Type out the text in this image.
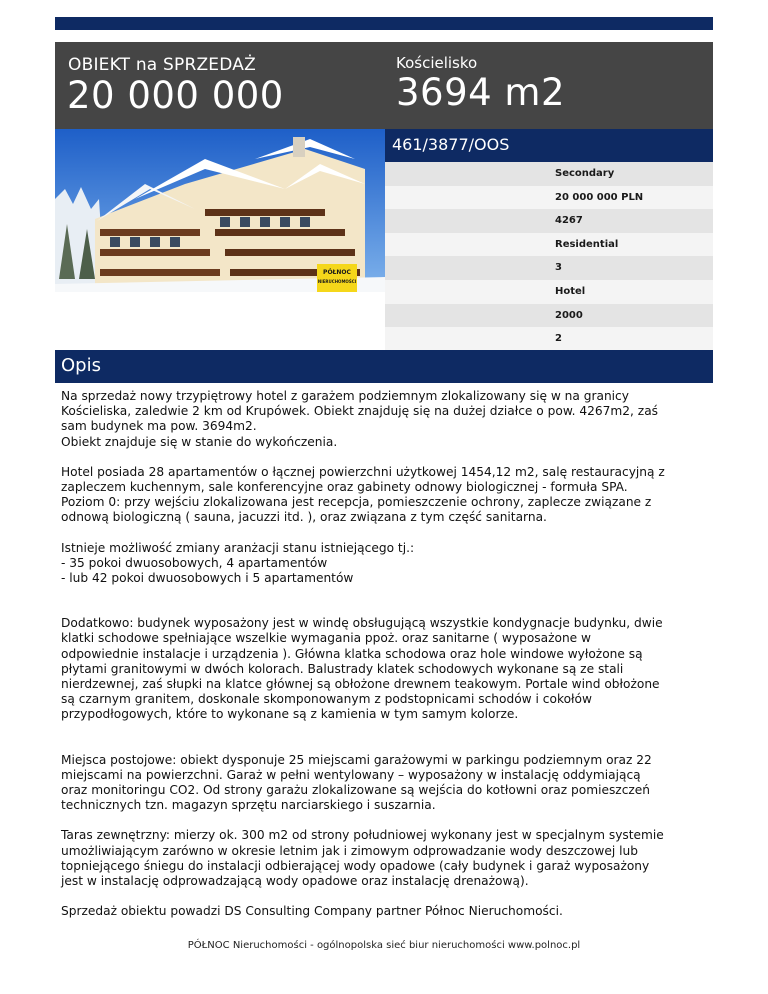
OBIEKT na SPRZEDAŻ
20 000 000
Kościelisko
3694 m2
PÓŁNOC
NIERUCHOMOŚCI
461/3877/OOS
Secondary
20 000 000 PLN
4267
Residential
3
Hotel
2000
2
Opis

Na sprzedaż nowy trzypiętrowy hotel z garażem podziemnym zlokalizowany się w na granicy
Kościeliska, zaledwie 2 km od Krupówek. Obiekt znajduję się na dużej działce o pow. 4267m2, zaś
sam budynek ma pow. 3694m2.
Obiekt znajduje się w stanie do wykończenia.

Hotel posiada 28 apartamentów o łącznej powierzchni użytkowej 1454,12 m2, salę restauracyjną z
zapleczem kuchennym, sale konferencyjne oraz gabinety odnowy biologicznej - formuła SPA.
Poziom 0: przy wejściu zlokalizowana jest recepcja, pomieszczenie ochrony, zaplecze związane z
odnową biologiczną ( sauna, jacuzzi itd. ), oraz związana z tym część sanitarna.

Istnieje możliwość zmiany aranżacji stanu istniejącego tj.:
- 35 pokoi dwuosobowych, 4 apartamentów
- lub 42 pokoi dwuosobowych i 5 apartamentów

Dodatkowo: budynek wyposażony jest w windę obsługującą wszystkie kondygnacje budynku, dwie
klatki schodowe spełniające wszelkie wymagania ppoż. oraz sanitarne ( wyposażone w
odpowiednie instalacje i urządzenia ). Główna klatka schodowa oraz hole windowe wyłożone są
płytami granitowymi w dwóch kolorach. Balustrady klatek schodowych wykonane są ze stali
nierdzewnej, zaś słupki na klatce głównej są obłożone drewnem teakowym. Portale wind obłożone
są czarnym granitem, doskonale skomponowanym z podstopnicami schodów i cokołów
przypodłogowych, które to wykonane są z kamienia w tym samym kolorze.

Miejsca postojowe: obiekt dysponuje 25 miejscami garażowymi w parkingu podziemnym oraz 22
miejscami na powierzchni. Garaż w pełni wentylowany – wyposażony w instalację oddymiającą
oraz monitoringu CO2. Od strony garażu zlokalizowane są wejścia do kotłowni oraz pomieszczeń
technicznych tzn. magazyn sprzętu narciarskiego i suszarnia.

Taras zewnętrzny: mierzy ok. 300 m2 od strony południowej wykonany jest w specjalnym systemie
umożliwiającym zarówno w okresie letnim jak i zimowym odprowadzanie wody deszczowej lub
topniejącego śniegu do instalacji odbierającej wody opadowe (cały budynek i garaż wyposażony
jest w instalację odprowadzającą wody opadowe oraz instalację drenażową).

Sprzedaż obiektu powadzi DS Consulting Company partner Północ Nieruchomości.

PÓŁNOC Nieruchomości - ogólnopolska sieć biur nieruchomości www.polnoc.pl
